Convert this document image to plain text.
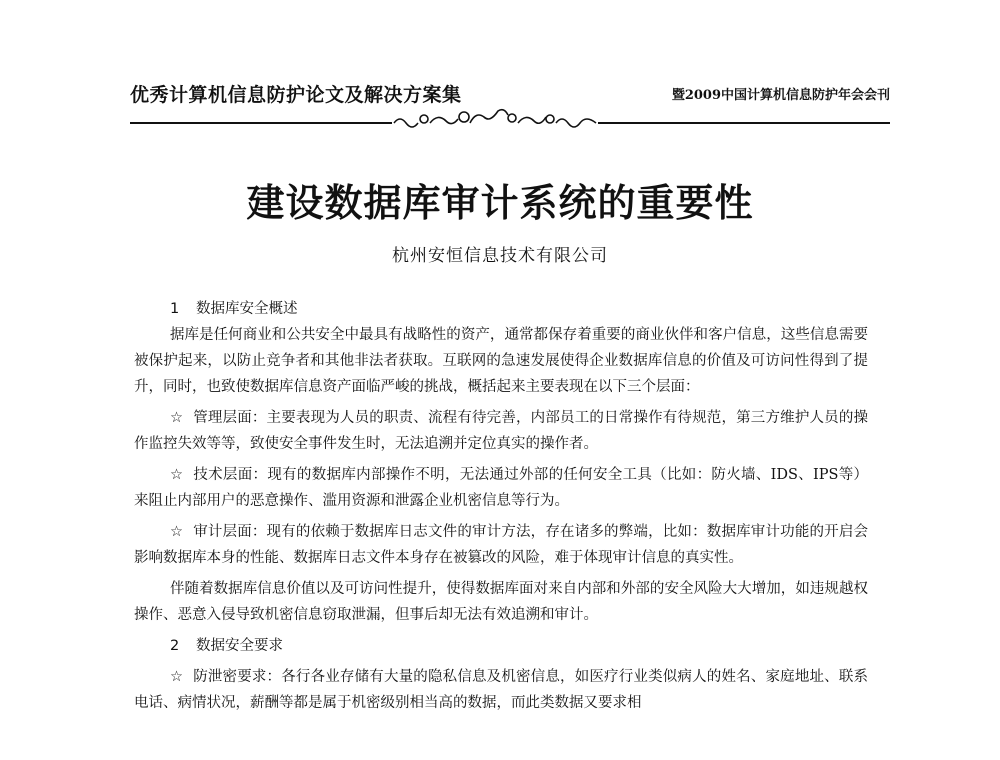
优秀计算机信息防护论文及解决方案集	暨2009中国计算机信息防护年会会刊
建设数据库审计系统的重要性
杭州安恒信息技术有限公司
1 数据库安全概述

据库是任何商业和公共安全中最具有战略性的资产，通常都保存着重要的商业伙伴和客户信息，这些信息需要被保护起来，以防止竞争者和其他非法者获取。互联网的急速发展使得企业数据库信息的价值及可访问性得到了提升，同时，也致使数据库信息资产面临严峻的挑战，概括起来主要表现在以下三个层面：

☆ 管理层面：主要表现为人员的职责、流程有待完善，内部员工的日常操作有待规范，第三方维护人员的操作监控失效等等，致使安全事件发生时，无法追溯并定位真实的操作者。

☆ 技术层面：现有的数据库内部操作不明，无法通过外部的任何安全工具（比如：防火墙、IDS、IPS等）来阻止内部用户的恶意操作、滥用资源和泄露企业机密信息等行为。

☆ 审计层面：现有的依赖于数据库日志文件的审计方法，存在诸多的弊端，比如：数据库审计功能的开启会影响数据库本身的性能、数据库日志文件本身存在被篡改的风险，难于体现审计信息的真实性。

伴随着数据库信息价值以及可访问性提升，使得数据库面对来自内部和外部的安全风险大大增加，如违规越权操作、恶意入侵导致机密信息窃取泄漏，但事后却无法有效追溯和审计。

2 数据安全要求

☆ 防泄密要求：各行各业存储有大量的隐私信息及机密信息，如医疗行业类似病人的姓名、家庭地址、联系电话、病情状况，薪酬等都是属于机密级别相当高的数据，而此类数据又要求相
